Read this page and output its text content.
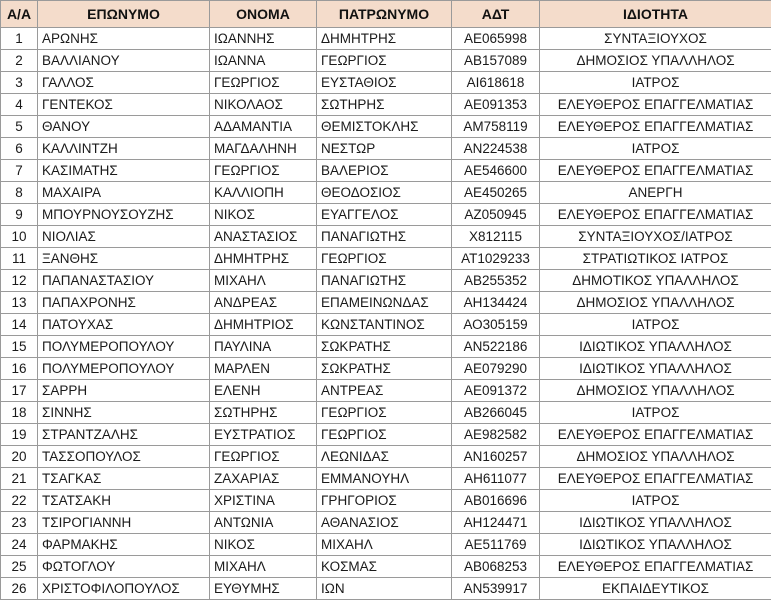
Α/Α	ΕΠΩΝΥΜΟ	ΟΝΟΜΑ	ΠΑΤΡΩΝΥΜΟ	ΑΔΤ	ΙΔΙΟΤΗΤΑ
1	ΑΡΩΝΗΣ	ΙΩΑΝΝΗΣ	ΔΗΜΗΤΡΗΣ	ΑΕ065998	ΣΥΝΤΑΞΙΟΥΧΟΣ
2	ΒΑΛΛΙΑΝΟΥ	ΙΩΑΝΝΑ	ΓΕΩΡΓΙΟΣ	ΑΒ157089	ΔΗΜΟΣΙΟΣ ΥΠΑΛΛΗΛΟΣ
3	ΓΑΛΛΟΣ	ΓΕΩΡΓΙΟΣ	ΕΥΣΤΑΘΙΟΣ	ΑΙ618618	ΙΑΤΡΟΣ
4	ΓΕΝΤΕΚΟΣ	ΝΙΚΟΛΑΟΣ	ΣΩΤΗΡΗΣ	ΑΕ091353	ΕΛΕΥΘΕΡΟΣ ΕΠΑΓΓΕΛΜΑΤΙΑΣ
5	ΘΑΝΟΥ	ΑΔΑΜΑΝΤΙΑ	ΘΕΜΙΣΤΟΚΛΗΣ	ΑΜ758119	ΕΛΕΥΘΕΡΟΣ ΕΠΑΓΓΕΛΜΑΤΙΑΣ
6	ΚΑΛΛΙΝΤΖΗ	ΜΑΓΔΑΛΗΝΗ	ΝΕΣΤΩΡ	ΑΝ224538	ΙΑΤΡΟΣ
7	ΚΑΣΙΜΑΤΗΣ	ΓΕΩΡΓΙΟΣ	ΒΑΛΕΡΙΟΣ	ΑΕ546600	ΕΛΕΥΘΕΡΟΣ ΕΠΑΓΓΕΛΜΑΤΙΑΣ
8	ΜΑΧΑΙΡΑ	ΚΑΛΛΙΟΠΗ	ΘΕΟΔΟΣΙΟΣ	ΑΕ450265	ΑΝΕΡΓΗ
9	ΜΠΟΥΡΝΟΥΣΟΥΖΗΣ	ΝΙΚΟΣ	ΕΥΑΓΓΕΛΟΣ	ΑΖ050945	ΕΛΕΥΘΕΡΟΣ ΕΠΑΓΓΕΛΜΑΤΙΑΣ
10	ΝΙΟΛΙΑΣ	ΑΝΑΣΤΑΣΙΟΣ	ΠΑΝΑΓΙΩΤΗΣ	Χ812115	ΣΥΝΤΑΞΙΟΥΧΟΣ/ΙΑΤΡΟΣ
11	ΞΑΝΘΗΣ	ΔΗΜΗΤΡΗΣ	ΓΕΩΡΓΙΟΣ	ΑΤ1029233	ΣΤΡΑΤΙΩΤΙΚΟΣ ΙΑΤΡΟΣ
12	ΠΑΠΑΝΑΣΤΑΣΙΟΥ	ΜΙΧΑΗΛ	ΠΑΝΑΓΙΩΤΗΣ	ΑΒ255352	ΔΗΜΟΤΙΚΟΣ ΥΠΑΛΛΗΛΟΣ
13	ΠΑΠΑΧΡΟΝΗΣ	ΑΝΔΡΕΑΣ	ΕΠΑΜΕΙΝΩΝΔΑΣ	ΑΗ134424	ΔΗΜΟΣΙΟΣ ΥΠΑΛΛΗΛΟΣ
14	ΠΑΤΟΥΧΑΣ	ΔΗΜΗΤΡΙΟΣ	ΚΩΝΣΤΑΝΤΙΝΟΣ	ΑΟ305159	ΙΑΤΡΟΣ
15	ΠΟΛΥΜΕΡΟΠΟΥΛΟΥ	ΠΑΥΛΙΝΑ	ΣΩΚΡΑΤΗΣ	ΑΝ522186	ΙΔΙΩΤΙΚΟΣ ΥΠΑΛΛΗΛΟΣ
16	ΠΟΛΥΜΕΡΟΠΟΥΛΟΥ	ΜΑΡΛΕΝ	ΣΩΚΡΑΤΗΣ	ΑΕ079290	ΙΔΙΩΤΙΚΟΣ ΥΠΑΛΛΗΛΟΣ
17	ΣΑΡΡΗ	ΕΛΕΝΗ	ΑΝΤΡΕΑΣ	ΑΕ091372	ΔΗΜΟΣΙΟΣ ΥΠΑΛΛΗΛΟΣ
18	ΣΙΝΝΗΣ	ΣΩΤΗΡΗΣ	ΓΕΩΡΓΙΟΣ	ΑΒ266045	ΙΑΤΡΟΣ
19	ΣΤΡΑΝΤΖΑΛΗΣ	ΕΥΣΤΡΑΤΙΟΣ	ΓΕΩΡΓΙΟΣ	ΑΕ982582	ΕΛΕΥΘΕΡΟΣ ΕΠΑΓΓΕΛΜΑΤΙΑΣ
20	ΤΑΣΣΟΠΟΥΛΟΣ	ΓΕΩΡΓΙΟΣ	ΛΕΩΝΙΔΑΣ	ΑΝ160257	ΔΗΜΟΣΙΟΣ ΥΠΑΛΛΗΛΟΣ
21	ΤΣΑΓΚΑΣ	ΖΑΧΑΡΙΑΣ	ΕΜΜΑΝΟΥΗΛ	ΑΗ611077	ΕΛΕΥΘΕΡΟΣ ΕΠΑΓΓΕΛΜΑΤΙΑΣ
22	ΤΣΑΤΣΑΚΗ	ΧΡΙΣΤΙΝΑ	ΓΡΗΓΟΡΙΟΣ	ΑΒ016696	ΙΑΤΡΟΣ
23	ΤΣΙΡΟΓΙΑΝΝΗ	ΑΝΤΩΝΙΑ	ΑΘΑΝΑΣΙΟΣ	ΑΗ124471	ΙΔΙΩΤΙΚΟΣ ΥΠΑΛΛΗΛΟΣ
24	ΦΑΡΜΑΚΗΣ	ΝΙΚΟΣ	ΜΙΧΑΗΛ	ΑΕ511769	ΙΔΙΩΤΙΚΟΣ ΥΠΑΛΛΗΛΟΣ
25	ΦΩΤΟΓΛΟΥ	ΜΙΧΑΗΛ	ΚΟΣΜΑΣ	ΑΒ068253	ΕΛΕΥΘΕΡΟΣ ΕΠΑΓΓΕΛΜΑΤΙΑΣ
26	ΧΡΙΣΤΟΦΙΛΟΠΟΥΛΟΣ	ΕΥΘΥΜΗΣ	ΙΩΝ	ΑΝ539917	ΕΚΠΑΙΔΕΥΤΙΚΟΣ
